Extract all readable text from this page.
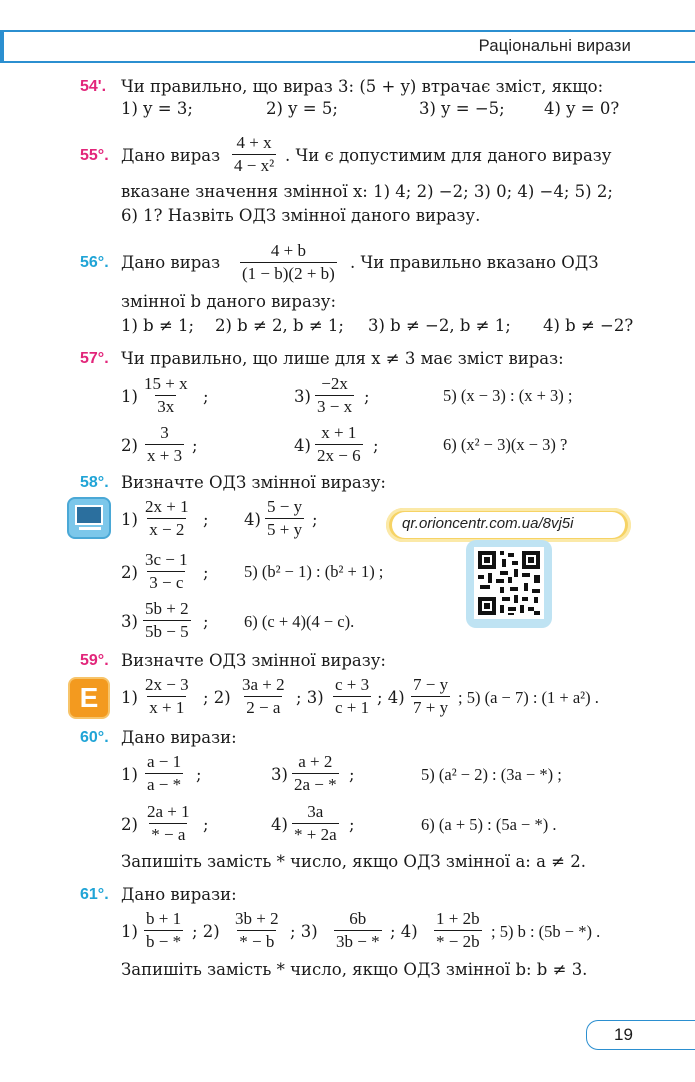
Раціональні вирази
54'. Чи правильно, що вираз 3: (5 + y) втрачає зміст, якщо:
1) y = 3;	2) y = 5;	3) y = −5; 4) y = 0?
55°. Дано вираз $\frac{4 + x}{\text{4 − x²}}$ . Чи є допустимим для даного виразу
вказане значення змінної x: 1) 4; 2) −2; 3) 0; 4) −4; 5) 2;
6) 1? Назвіть ОДЗ змінної даного виразу.
56°. Дано вираз $\frac{4 + b}{(1 - b)(2 + b)}$ . Чи правильно вказано ОДЗ
змінної b даного виразу:
1) b ≠ 1; 2) b ≠ 2, b ≠ 1; 3) b ≠ −2, b ≠ 1; 4) b ≠ −2?
57°. Чи правильно, що лише для x ≠ 3 має зміст вираз:
$1) \frac{15 + x}{3x}$ ;	$3) \frac{-2x}{3 - x}$ ;	5) (x − 3) : (x + 3) ;
$2) \frac{3}{x + 3}$ ;	$4) \frac{x + 1}{2x - 6}$ ;	6) (x² − 3)(x − 3) ?
58°. Визначте ОДЗ змінної виразу:
$1) \frac{2x + 1}{x - 2}$ ; $4) \frac{5 - y}{5 + y}$ ;
$2) \frac{3c - 1}{3 - c}$ ; 5) (b² − 1) : (b² + 1) ;
$3) \frac{5b + 2}{5b - 5}$ ; 6) (c + 4)(4 − c).
qr.orioncentr.com.ua/8vj5i
59°. Визначте ОДЗ змінної виразу:
E	$1) \frac{2x - 3}{x + 1}$ ; $2) \frac{3a + 2}{2 - a}$ ; $3) \frac{c + 3}{c + 1}$ ; $4) \frac{7 - y}{7 + y}$ ; 5) (a − 7) : (1 + a²) .
60°. Дано вирази:
$1) \frac{a - 1}{a - *}$ ;	$3) \frac{a + 2}{2a - *}$ ;	5) (a² − 2) : (3a − *) ;
$2) \frac{2a + 1}{* - a}$ ;	$4) \frac{3a}{* + 2a}$ ;	6) (a + 5) : (5a − *) .
Запишіть замість * число, якщо ОДЗ змінної a: a ≠ 2.
61°. Дано вирази:
$1) \frac{b + 1}{b - *}$ ; $2) \frac{3b + 2}{* - b}$ ; $3) \frac{6b}{3b - *}$ ; $4) \frac{1 + 2b}{* - 2b}$ ; 5) b : (5b − *) .
Запишіть замість * число, якщо ОДЗ змінної b: b ≠ 3.
19
